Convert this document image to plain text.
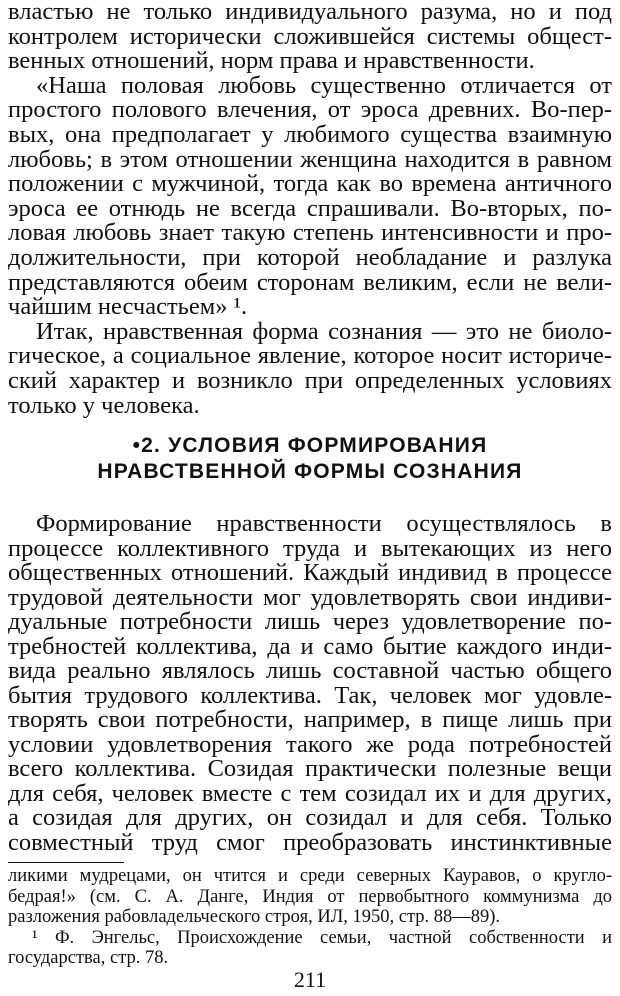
властью не только индивидуального разума, но и под
контролем исторически сложившейся системы общест-
венных отношений, норм права и нравственности.
«Наша половая любовь существенно отличается от
простого полового влечения, от эроса древних. Во-пер-
вых, она предполагает у любимого существа взаимную
любовь; в этом отношении женщина находится в равном
положении с мужчиной, тогда как во времена античного
эроса ее отнюдь не всегда спрашивали. Во-вторых, по-
ловая любовь знает такую степень интенсивности и про-
должительности, при которой необладание и разлука
представляются обеим сторонам великим, если не вели-
чайшим несчастьем» ¹.
Итак, нравственная форма сознания — это не биоло-
гическое, а социальное явление, которое носит историче-
ский характер и возникло при определенных условиях
только у человека.
•2. УСЛОВИЯ ФОРМИРОВАНИЯ
НРАВСТВЕННОЙ ФОРМЫ СОЗНАНИЯ
Формирование нравственности осуществлялось в
процессе коллективного труда и вытекающих из него
общественных отношений. Каждый индивид в процессе
трудовой деятельности мог удовлетворять свои индиви-
дуальные потребности лишь через удовлетворение по-
требностей коллектива, да и само бытие каждого инди-
вида реально являлось лишь составной частью общего
бытия трудового коллектива. Так, человек мог удовле-
творять свои потребности, например, в пище лишь при
условии удовлетворения такого же рода потребностей
всего коллектива. Созидая практически полезные вещи
для себя, человек вместе с тем созидал их и для других,
а созидая для других, он созидал и для себя. Только
совместный труд смог преобразовать инстинктивные
ликими мудрецами, он чтится и среди северных Кауравов, о кругло-
бедрая!» (см. С. А. Данге, Индия от первобытного коммунизма до
разложения рабовладельческого строя, ИЛ, 1950, стр. 88—89).
¹ Ф. Энгельс, Происхождение семьи, частной собственности и
государства, стр. 78.
211
